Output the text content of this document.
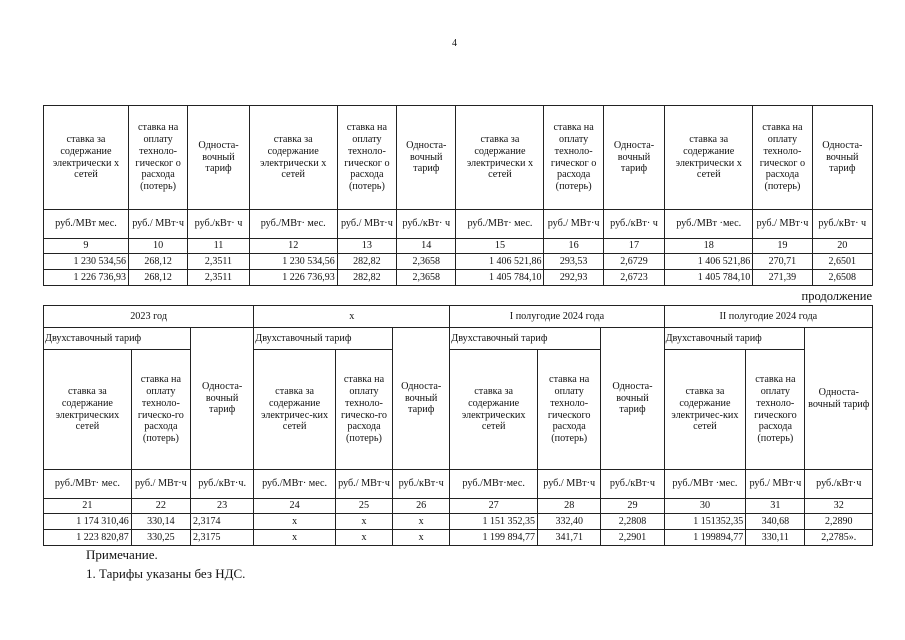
4
ставка за содержание электрически х сетей	ставка на оплату техноло-гическог о расхода (потерь)	Односта-вочный тариф	ставка за содержание электрически х сетей	ставка на оплату техноло-гическог о расхода (потерь)	Односта-вочный тариф	ставка за содержание электрически х сетей	ставка на оплату техноло-гическог о расхода (потерь)	Односта-вочный тариф	ставка за содержание электрически х сетей	ставка на оплату техноло-гическог о расхода (потерь)	Односта-вочный тариф
руб./МВт мес.	руб./ МВт·ч	руб./кВт· ч	руб./МВт· мес.	руб./ МВт·ч	руб./кВт· ч	руб./МВт· мес.	руб./ МВт·ч	руб./кВт· ч	руб./МВт ·мес.	руб./ МВт·ч	руб./кВт· ч
9	10	11	12	13	14	15	16	17	18	19	20
1 230 534,56	268,12	2,3511	1 230 534,56	282,82	2,3658	1 406 521,86	293,53	2,6729	1 406 521,86	270,71	2,6501
1 226 736,93	268,12	2,3511	1 226 736,93	282,82	2,3658	1 405 784,10	292,93	2,6723	1 405 784,10	271,39	2,6508
продолжение
2023 год			х			I полугодие 2024 года			II полугодие 2024 года		
Двухставочный тариф		Односта-вочный тариф	Двухставочный тариф		Односта-вочный тариф	Двухставочный тариф		Односта-вочный тариф	Двухставочный тариф		Односта-вочный тариф
ставка за содержание электрических сетей	ставка на оплату техноло-гическо-го расхода (потерь)		ставка за содержание электричес-ких сетей	ставка на оплату техноло-гическо-го расхода (потерь)		ставка за содержание электрических сетей	ставка на оплату техноло-гического расхода (потерь)		ставка за содержание электричес-ких сетей	ставка на оплату техноло-гического расхода (потерь)	
руб./МВт· мес.	руб./ МВт·ч	руб./кВт·ч.	руб./МВт· мес.	руб./ МВт·ч	руб./кВт·ч	руб./МВт·мес.	руб./ МВт·ч	руб./кВт·ч	руб./МВт ·мес.	руб./ МВт·ч	руб./кВт·ч
21	22	23	24	25	26	27	28	29	30	31	32
1 174 310,46	330,14	2,3174	х	х	х	1 151 352,35	332,40	2,2808	1 151352,35	340,68	2,2890
1 223 820,87	330,25	2,3175	х	х	х	1 199 894,77	341,71	2,2901	1 199894,77	330,11	2,2785».
Примечание.
1. Тарифы указаны без НДС.
